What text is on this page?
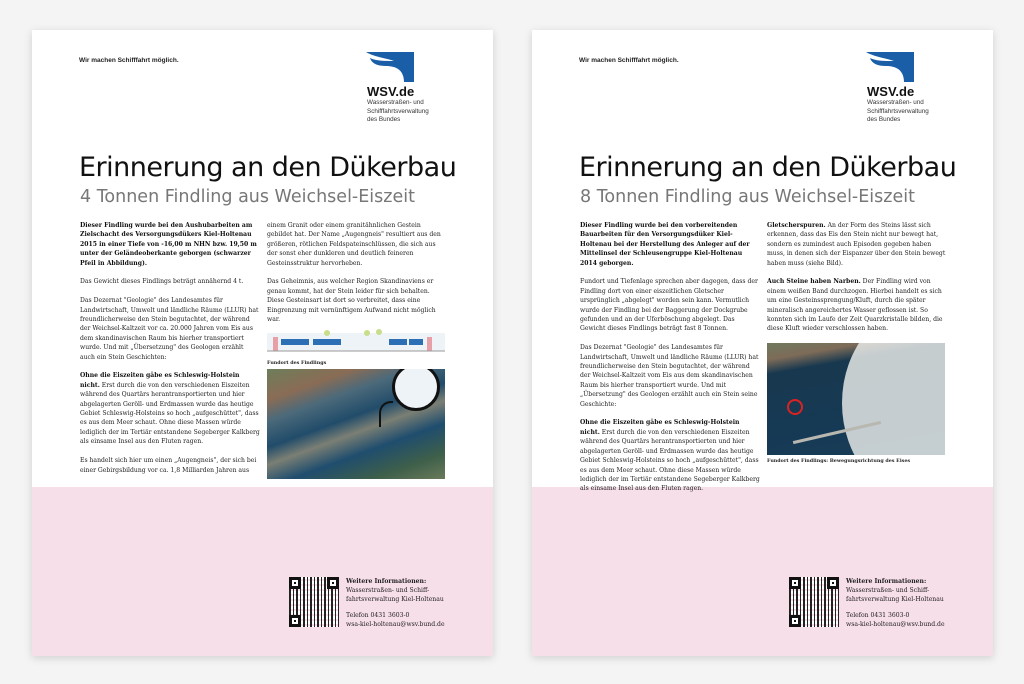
Wir machen Schifffahrt möglich.
WSV.de
Wasserstraßen- und
Schifffahrtsverwaltung
des Bundes
Erinnerung an den Dükerbau
4 Tonnen Findling aus Weichsel-Eiszeit

Dieser Findling wurde bei den Aushubarbeiten am Zielschacht des Versorgungsdükers Kiel-Holtenau 2015 in einer Tiefe von -16,00 m NHN bzw. 19,50 m unter der Geländeoberkante geborgen (schwarzer Pfeil in Abbildung).

Das Gewicht dieses Findlings beträgt annähernd 4 t.

Das Dezernat "Geologie" des Landesamtes für Landwirtschaft, Umwelt und ländliche Räume (LLUR) hat freundlicherweise den Stein begutachtet, der während der Weichsel-Kaltzeit vor ca. 20.000 Jahren vom Eis aus dem skandinavischen Raum bis hierher transportiert wurde. Und mit „Übersetzung" des Geologen erzählt auch ein Stein Geschichten:

Ohne die Eiszeiten gäbe es Schleswig-Holstein nicht. Erst durch die von den verschiedenen Eiszeiten während des Quartärs herantransportierten und hier abgelagerten Geröll- und Erdmassen wurde das heutige Gebiet Schleswig-Holsteins so hoch „aufgeschüttet", dass es aus dem Meer schaut. Ohne diese Massen würde lediglich der im Tertiär entstandene Segeberger Kalkberg als einsame Insel aus den Fluten ragen.

Es handelt sich hier um einen „Augengneis", der sich bei einer Gebirgsbildung vor ca. 1,8 Milliarden Jahren aus

einem Granit oder einem granitähnlichen Gestein gebildet hat. Der Name „Augengneis" resultiert aus den größeren, rötlichen Feldspateinschlüssen, die sich aus der sonst eher dunkleren und deutlich feineren Gesteinsstruktur hervorheben.

Das Geheimnis, aus welcher Region Skandinaviens er genau kommt, hat der Stein leider für sich behalten. Diese Gesteinsart ist dort so verbreitet, dass eine Eingrenzung mit vernünftigem Aufwand nicht möglich war.

Fundort des Findlings
Weitere Informationen:
Wasserstraßen- und Schiff-
fahrtsverwaltung Kiel-Holtenau
Telefon 0431 3603-0
wsa-kiel-holtenau@wsv.bund.de
Wir machen Schifffahrt möglich.
WSV.de
Wasserstraßen- und
Schifffahrtsverwaltung
des Bundes
Erinnerung an den Dükerbau
8 Tonnen Findling aus Weichsel-Eiszeit

Dieser Findling wurde bei den vorbereitenden Bauarbeiten für den Versorgungsdüker Kiel-Holtenau bei der Herstellung des Anleger auf der Mittelinsel der Schleusengruppe Kiel-Holtenau 2014 geborgen.

Fundort und Tiefenlage sprechen aber dagegen, dass der Findling dort von einer eiszeitlichen Gletscher ursprünglich „abgelegt" worden sein kann. Vermutlich wurde der Findling bei der Baggerung der Dockgrube gefunden und an der Uferböschung abgelegt. Das Gewicht dieses Findlings beträgt fast 8 Tonnen.

Das Dezernat "Geologie" des Landesamtes für Landwirtschaft, Umwelt und ländliche Räume (LLUR) hat freundlicherweise den Stein begutachtet, der während der Weichsel-Kaltzeit vom Eis aus dem skandinavischen Raum bis hierher transportiert wurde. Und mit „Übersetzung" des Geologen erzählt auch ein Stein seine Geschichte:

Ohne die Eiszeiten gäbe es Schleswig-Holstein nicht. Erst durch die von den verschiedenen Eiszeiten während des Quartärs herantransportierten und hier abgelagerten Geröll- und Erdmassen wurde das heutige Gebiet Schleswig-Holsteins so hoch „aufgeschüttet", dass es aus dem Meer schaut. Ohne diese Massen würde lediglich der im Tertiär entstandene Segeberger Kalkberg als einsame Insel aus den Fluten ragen.

Gletscherspuren. An der Form des Steins lässt sich erkennen, dass das Eis den Stein nicht nur bewegt hat, sondern es zumindest auch Episoden gegeben haben muss, in denen sich der Eispanzer über den Stein bewegt haben muss (siehe Bild).

Auch Steine haben Narben. Der Findling wird von einem weißen Band durchzogen. Hierbei handelt es sich um eine Gesteinssprengung/Kluft, durch die später mineralisch angereichertes Wasser geflossen ist. So konnten sich im Laufe der Zeit Quarzkristalle bilden, die diese Kluft wieder verschlossen haben.

Fundort des Findlings: Bewegungsrichtung des Eises
Weitere Informationen:
Wasserstraßen- und Schiff-
fahrtsverwaltung Kiel-Holtenau
Telefon 0431 3603-0
wsa-kiel-holtenau@wsv.bund.de
